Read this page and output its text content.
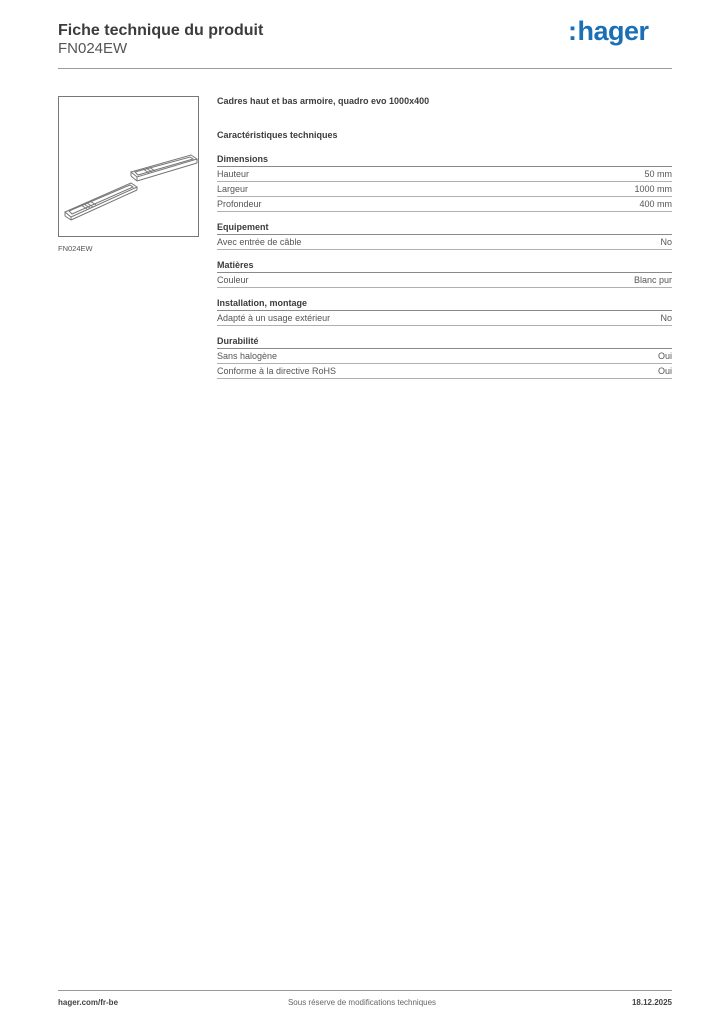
Fiche technique du produit
FN024EW
:hager
FN024EW
Cadres haut et bas armoire, quadro evo 1000x400
Caractéristiques techniques
Dimensions
Hauteur	50 mm
Largeur	1000 mm
Profondeur	400 mm
Equipement
Avec entrée de câble	No
Matières
Couleur	Blanc pur
Installation, montage
Adapté à un usage extérieur	No
Durabilité
Sans halogène	Oui
Conforme à la directive RoHS	Oui
Sous réserve de modifications techniques
hager.com/fr-be	18.12.2025
